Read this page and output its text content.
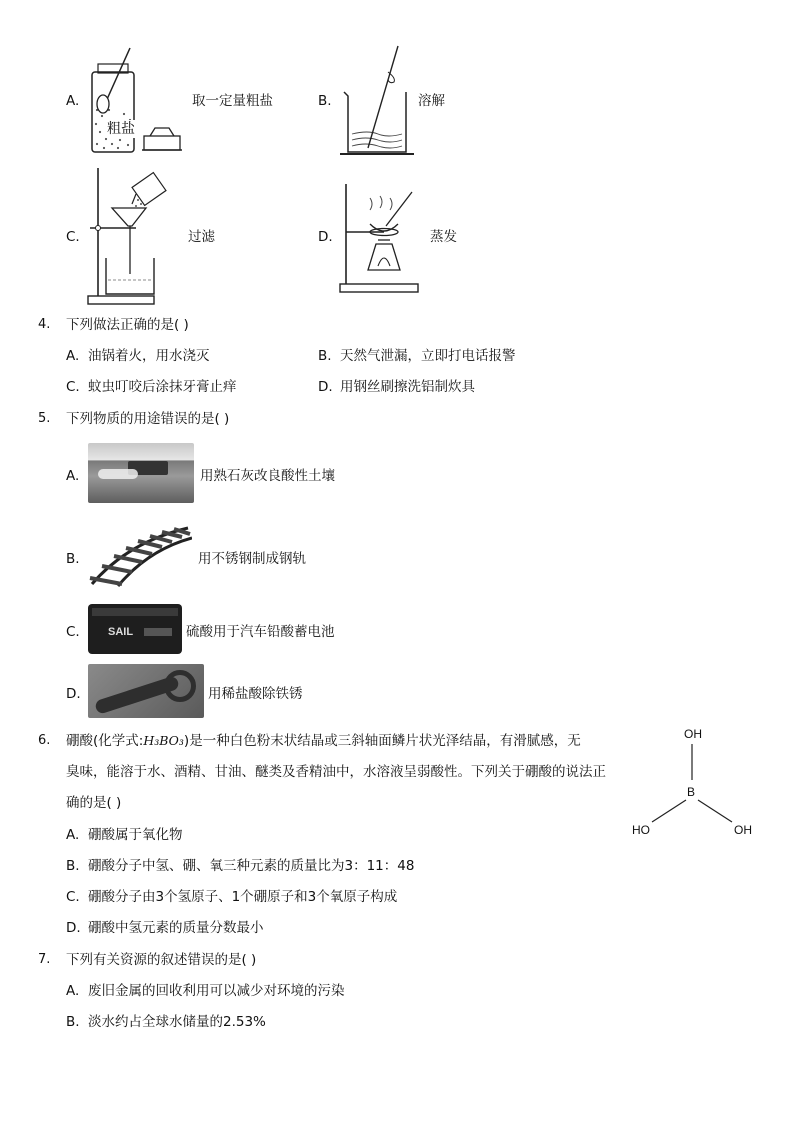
A.
粗盐
取一定量粗盐	B.	溶解
C.	过滤	D.	蒸发
4. 下列做法正确的是( )
A. 油锅着火，用水浇灭	B. 天然气泄漏，立即打电话报警
C. 蚊虫叮咬后涂抹牙膏止痒	D. 用钢丝刷擦洗铝制炊具
5. 下列物质的用途错误的是( )
A.	用熟石灰改良酸性土壤
B.	用不锈钢制成钢轨
C.	SAIL	硫酸用于汽车铅酸蓄电池
D.	用稀盐酸除铁锈
6. 硼酸(化学式:H₃BO₃)是一种白色粉末状结晶或三斜轴面鳞片状光泽结晶，有滑腻感，无
臭味，能溶于水、酒精、甘油、醚类及香精油中，水溶液呈弱酸性。下列关于硼酸的说法正
确的是( )
OH
B
HO	OH
A. 硼酸属于氧化物
B. 硼酸分子中氢、硼、氧三种元素的质量比为3：11：48
C. 硼酸分子由3个氢原子、1个硼原子和3个氧原子构成
D. 硼酸中氢元素的质量分数最小
7. 下列有关资源的叙述错误的是( )
A. 废旧金属的回收利用可以减少对环境的污染
B. 淡水约占全球水储量的2.53%
